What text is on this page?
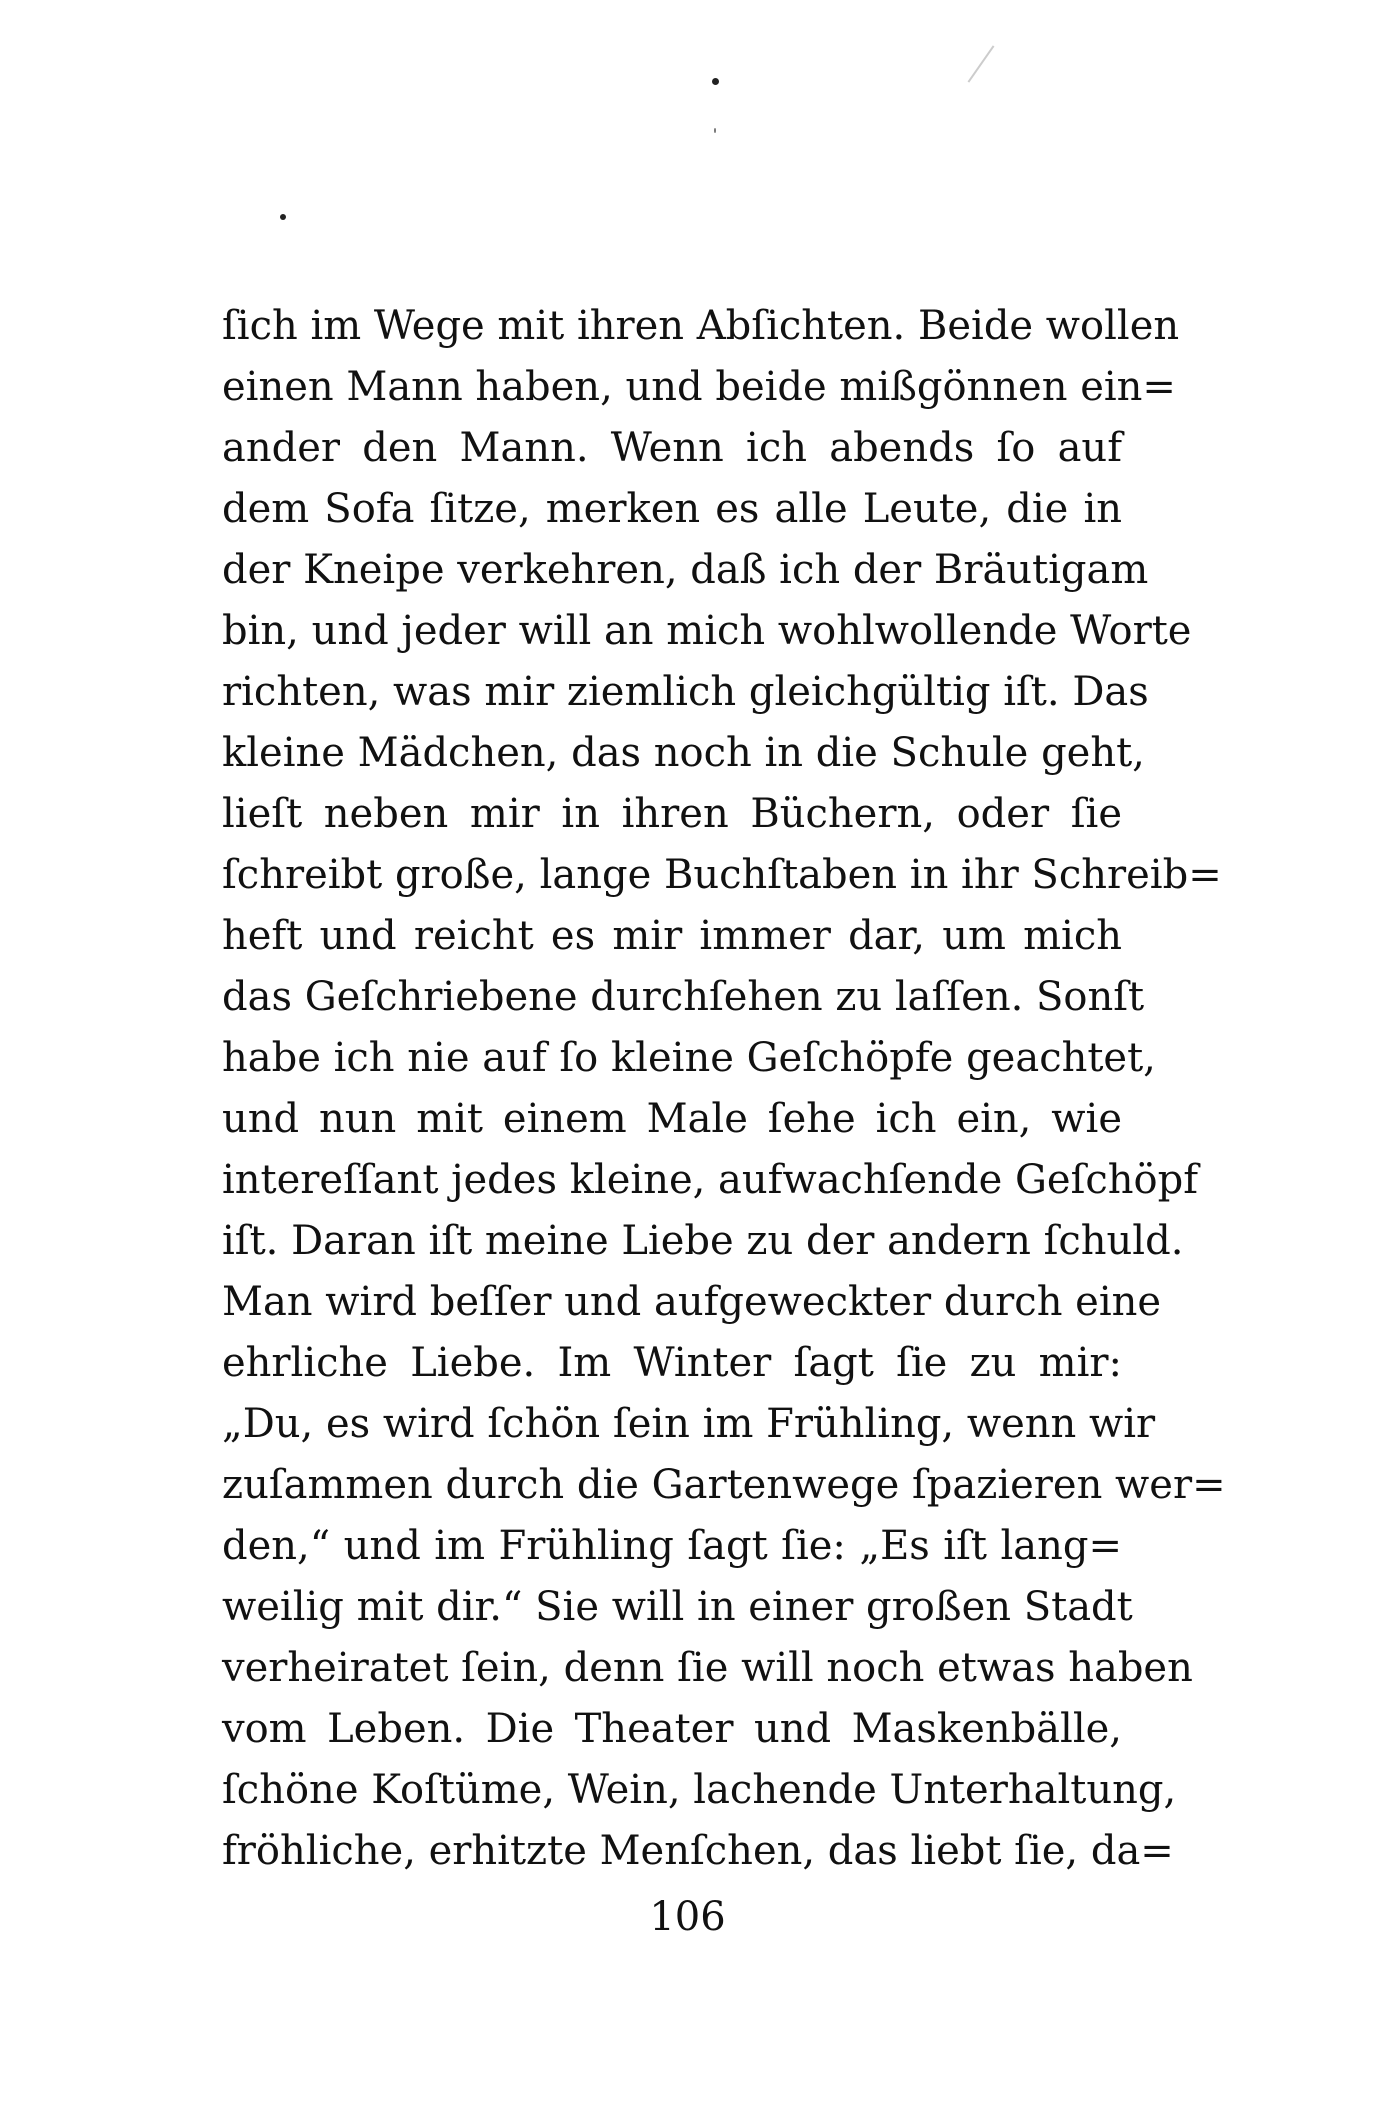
ſich im Wege mit ihren Abſichten. Beide wollen
einen Mann haben, und beide mißgönnen ein=
ander den Mann. Wenn ich abends ſo auf
dem Sofa ſitze, merken es alle Leute, die in
der Kneipe verkehren, daß ich der Bräutigam
bin, und jeder will an mich wohlwollende Worte
richten, was mir ziemlich gleichgültig iſt. Das
kleine Mädchen, das noch in die Schule geht,
lieſt neben mir in ihren Büchern, oder ſie
ſchreibt große, lange Buchſtaben in ihr Schreib=
heft und reicht es mir immer dar, um mich
das Geſchriebene durchſehen zu laſſen. Sonſt
habe ich nie auf ſo kleine Geſchöpfe geachtet,
und nun mit einem Male ſehe ich ein, wie
intereſſant jedes kleine, aufwachſende Geſchöpf
iſt. Daran iſt meine Liebe zu der andern ſchuld.
Man wird beſſer und aufgeweckter durch eine
ehrliche Liebe. Im Winter ſagt ſie zu mir:
„Du, es wird ſchön ſein im Frühling, wenn wir
zuſammen durch die Gartenwege ſpazieren wer=
den,“ und im Frühling ſagt ſie: „Es iſt lang=
weilig mit dir.“ Sie will in einer großen Stadt
verheiratet ſein, denn ſie will noch etwas haben
vom Leben. Die Theater und Maskenbälle,
ſchöne Koſtüme, Wein, lachende Unterhaltung,
fröhliche, erhitzte Menſchen, das liebt ſie, da=
106
